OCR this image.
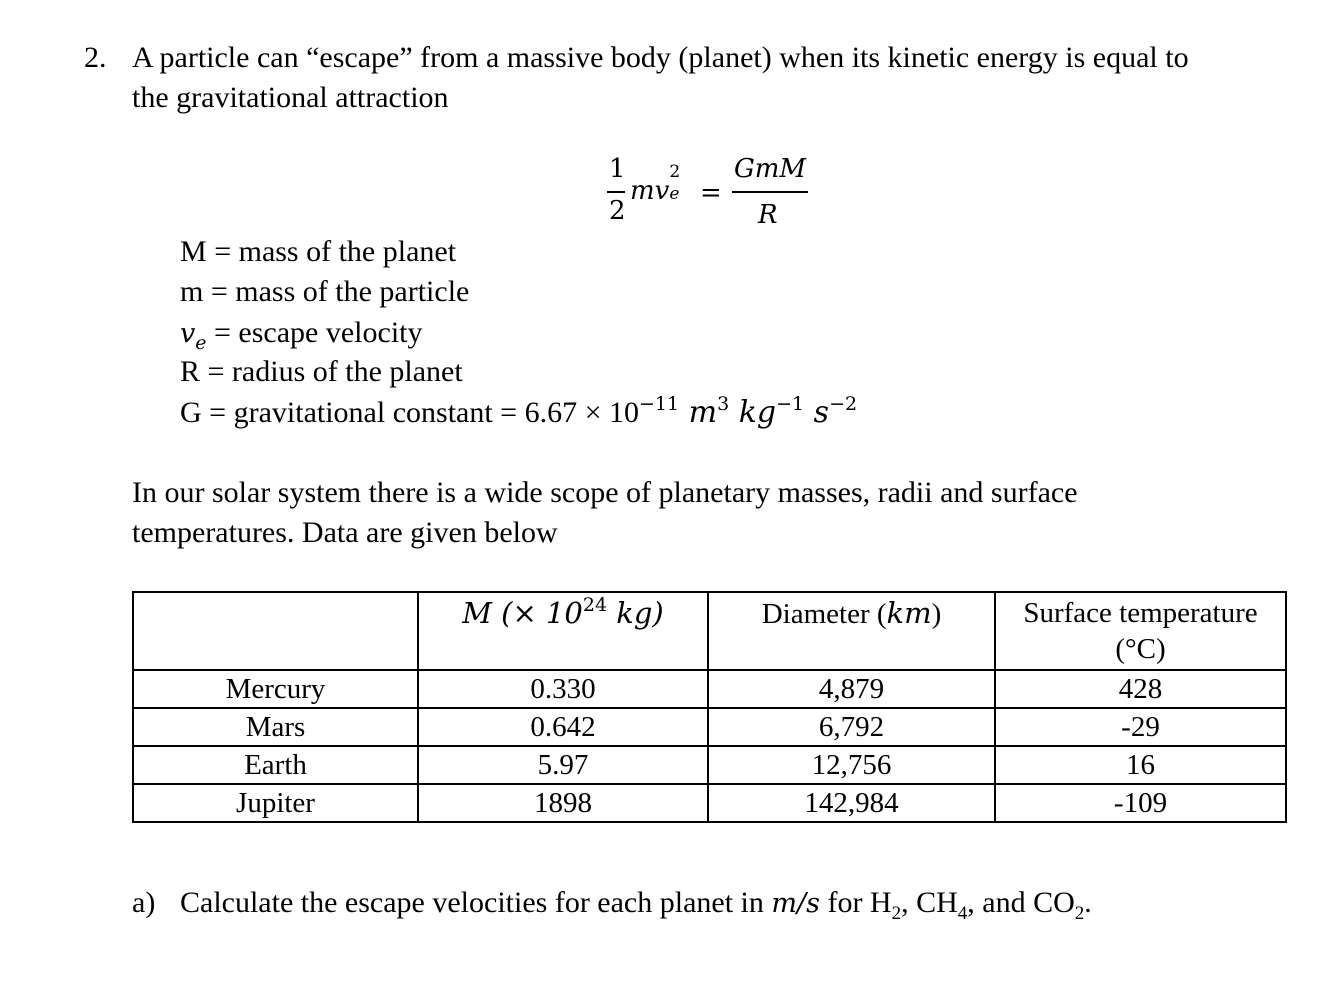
2. A particle can “escape” from a massive body (planet) when its kinetic energy is equal to
the gravitational attraction
1
2
mv
2
e =
GmM
R
M = mass of the planet
m = mass of the particle
$v_e$ = escape velocity
R = radius of the planet
G = gravitational constant = $6.67 \times 10^{-11}$ $m^3$ $kg^{-1}$ $s^{-2}$
In our solar system there is a wide scope of planetary masses, radii and surface
temperatures. Data are given below
	M (× $10^{24}$ kg)	Diameter (km)	Surface temperature
(°C)

Mercury	0.330	4,879	428
Mars	0.642	6,792	-29
Earth	5.97	12,756	16
Jupiter	1898	142,984	-109
a) Calculate the escape velocities for each planet in m/s for $H_2$, $CH_4$, and $CO_2$.
